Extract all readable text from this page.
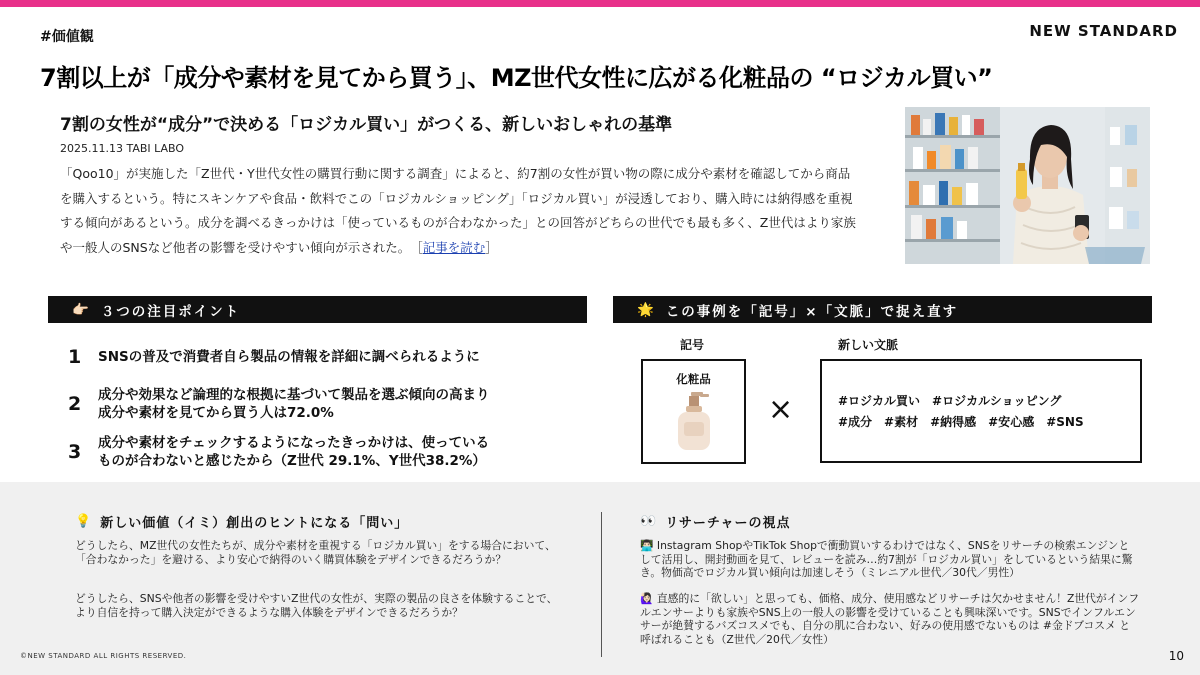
#価値観	NEW STANDARD
7割以上が「成分や素材を見てから買う」、MZ世代女性に広がる化粧品の “ロジカル買い”
7割の女性が“成分”で決める「ロジカル買い」がつくる、新しいおしゃれの基準
2025.11.13 TABI LABO

「Qoo10」が実施した「Z世代・Y世代女性の購買行動に関する調査」によると、約7割の女性が買い物の際に成分や素材を確認してから商品を購入するという。特にスキンケアや食品・飲料でこの「ロジカルショッピング」「ロジカル買い」が浸透しており、購入時には納得感を重視する傾向があるという。成分を調べるきっかけは「使っているものが合わなかった」との回答がどちらの世代でも最も多く、Z世代はより家族や一般人のSNSなど他者の影響を受けやすい傾向が示された。　 ［記事を読む］

👉🏻 ３つの注目ポイント
1	SNSの普及で消費者自ら製品の情報を詳細に調べられるように
2	成分や効果など論理的な根拠に基づいて製品を選ぶ傾向の高まり
成分や素材を見てから買う人は72.0%
3	成分や素材をチェックするようになったきっかけは、使っている
ものが合わないと感じたから（Z世代 29.1%、Y世代38.2%）
🌟 この事例を「記号」×「文脈」で捉え直す
記号	新しい文脈
化粧品
×	#ロジカル買い　#ロジカルショッピング
#成分　#素材　#納得感　#安心感　#SNS
💡 新しい価値（イミ）創出のヒントになる「問い」

どうしたら、MZ世代の女性たちが、成分や素材を重視する「ロジカル買い」をする場合において、「合わなかった」を避ける、より安心で納得のいく購買体験をデザインできるだろうか？

どうしたら、SNSや他者の影響を受けやすいZ世代の女性が、実際の製品の良さを体験することで、より自信を持って購入決定ができるような購入体験をデザインできるだろうか？

👀 リサーチャーの視点

👨🏻‍💻 Instagram ShopやTikTok Shopで衝動買いするわけではなく、SNSをリサーチの検索エンジンとして活用し、開封動画を見て、レビューを読み…約7割が「ロジカル買い」をしているという結果に驚き。物価高でロジカル買い傾向は加速しそう（ミレニアル世代／30代／男性）

🙋🏻‍♀️ 直感的に「欲しい」と思っても、価格、成分、使用感などリサーチは欠かせません！Z世代がインフルエンサーよりも家族やSNS上の一般人の影響を受けていることも興味深いです。SNSでインフルエンサーが絶賛するバズコスメでも、自分の肌に合わない、好みの使用感でないものは #金ドブコスメ と呼ばれることも（Z世代／20代／女性）

©NEW STANDARD ALL RIGHTS RESERVED.	10
